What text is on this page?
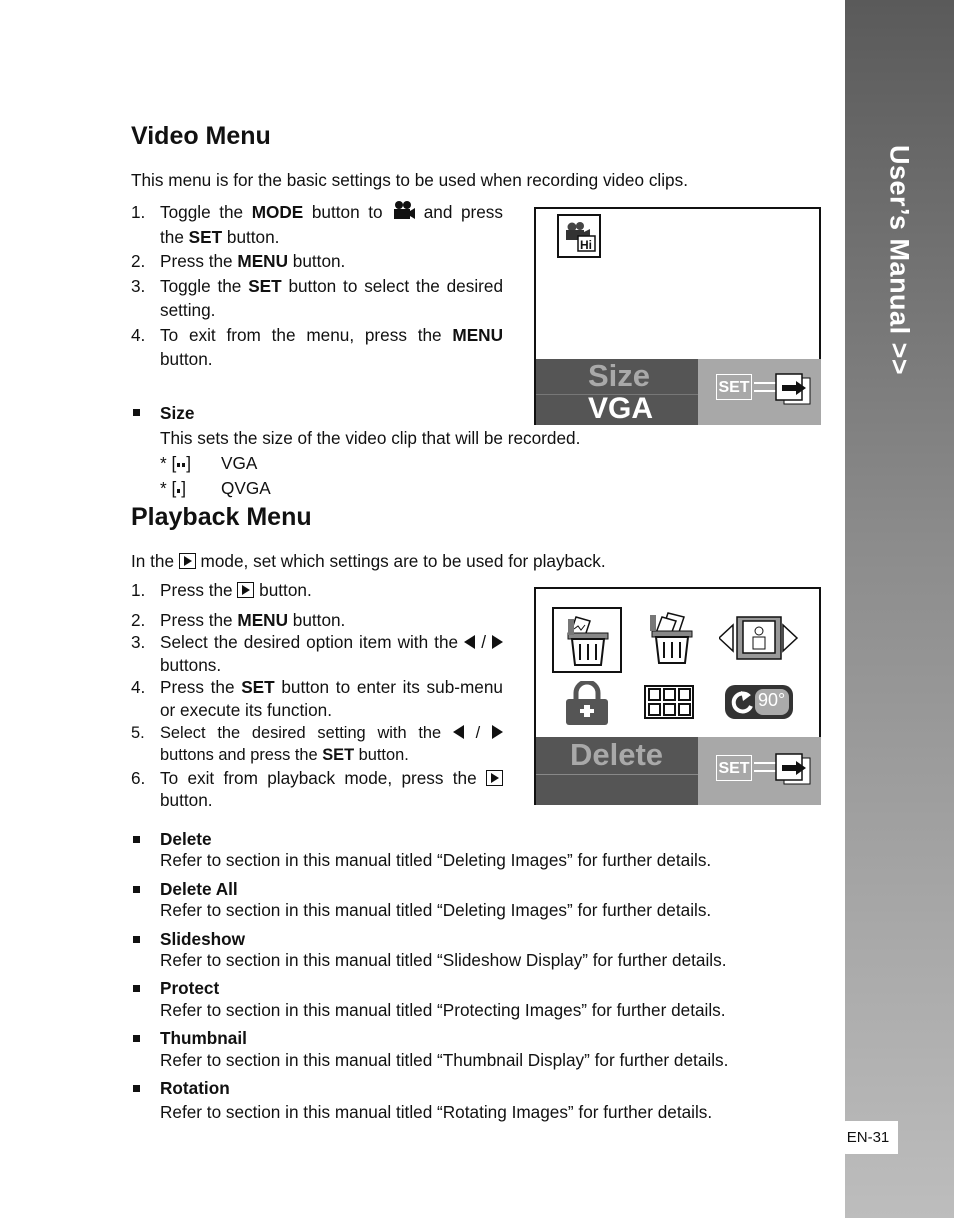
User’s Manual >>
EN-31
Video Menu
This menu is for the basic settings to be used when recording video clips.
1. Toggle the MODE button to  and press the SET button.
2. Press the MENU button.
3. Toggle the SET button to select the desired setting.
4. To exit from the menu, press the MENU button.
Hi
Size
VGA
SET
Size
This sets the size of the video clip that will be recorded.
* [ ] VGA
* [ ] QVGA
Playback Menu
In the  mode, set which settings are to be used for playback.
1. Press the  button.
2. Press the MENU button.
3. Select the desired option item with the  /  buttons.
4. Press the SET button to enter its sub-menu or execute its function.
5. Select the desired setting with the  /  buttons and press the SET button.
6. To exit from playback mode, press the  button.
90°
Delete	SET
Delete
Refer to section in this manual titled “Deleting Images” for further details.
Delete All
Refer to section in this manual titled “Deleting Images” for further details.
Slideshow
Refer to section in this manual titled “Slideshow Display” for further details.
Protect
Refer to section in this manual titled “Protecting Images” for further details.
Thumbnail
Refer to section in this manual titled “Thumbnail Display” for further details.
Rotation
Refer to section in this manual titled “Rotating Images” for further details.
